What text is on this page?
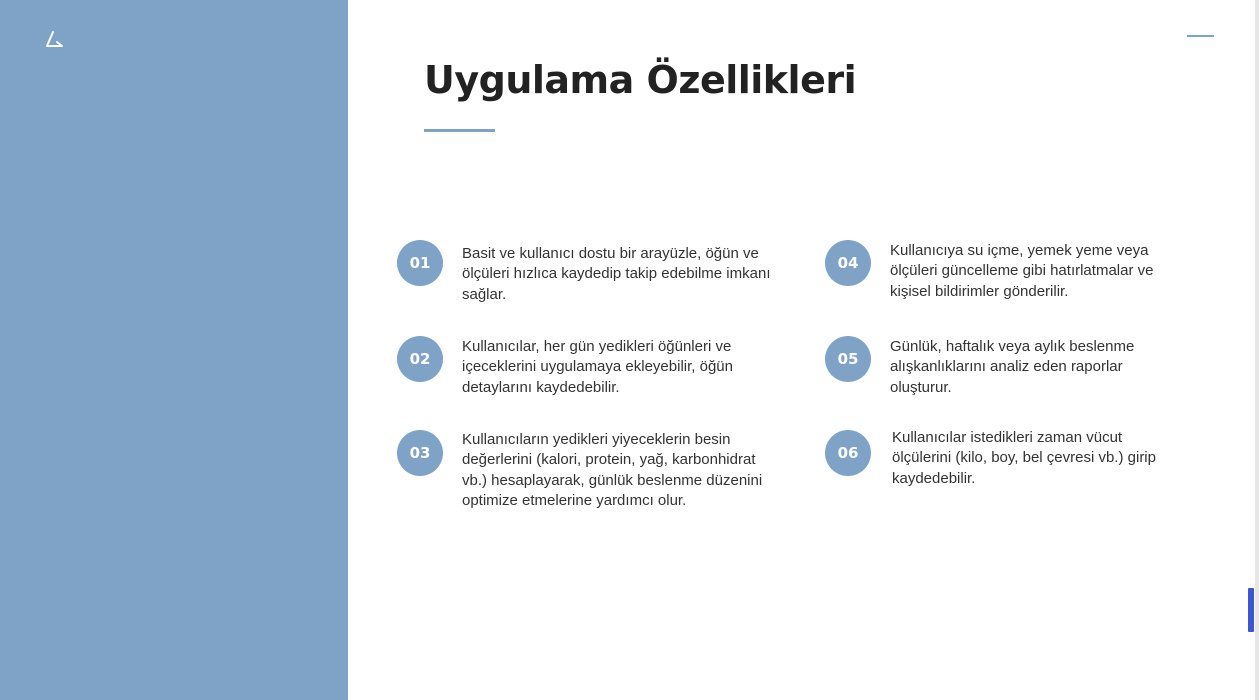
Uygulama Özellikleri
01

Basit ve kullanıcı dostu bir arayüzle, öğün ve ölçüleri hızlıca kaydedip takip edebilme imkanı sağlar.

02

Kullanıcılar, her gün yedikleri öğünleri ve içeceklerini uygulamaya ekleyebilir, öğün detaylarını kaydedebilir.

03

Kullanıcıların yedikleri yiyeceklerin besin değerlerini (kalori, protein, yağ, karbonhidrat vb.) hesaplayarak, günlük beslenme düzenini optimize etmelerine yardımcı olur.

04

Kullanıcıya su içme, yemek yeme veya ölçüleri güncelleme gibi hatırlatmalar ve kişisel bildirimler gönderilir.

05

Günlük, haftalık veya aylık beslenme alışkanlıklarını analiz eden raporlar oluşturur.

06

Kullanıcılar istedikleri zaman vücut ölçülerini (kilo, boy, bel çevresi vb.) girip kaydedebilir.
